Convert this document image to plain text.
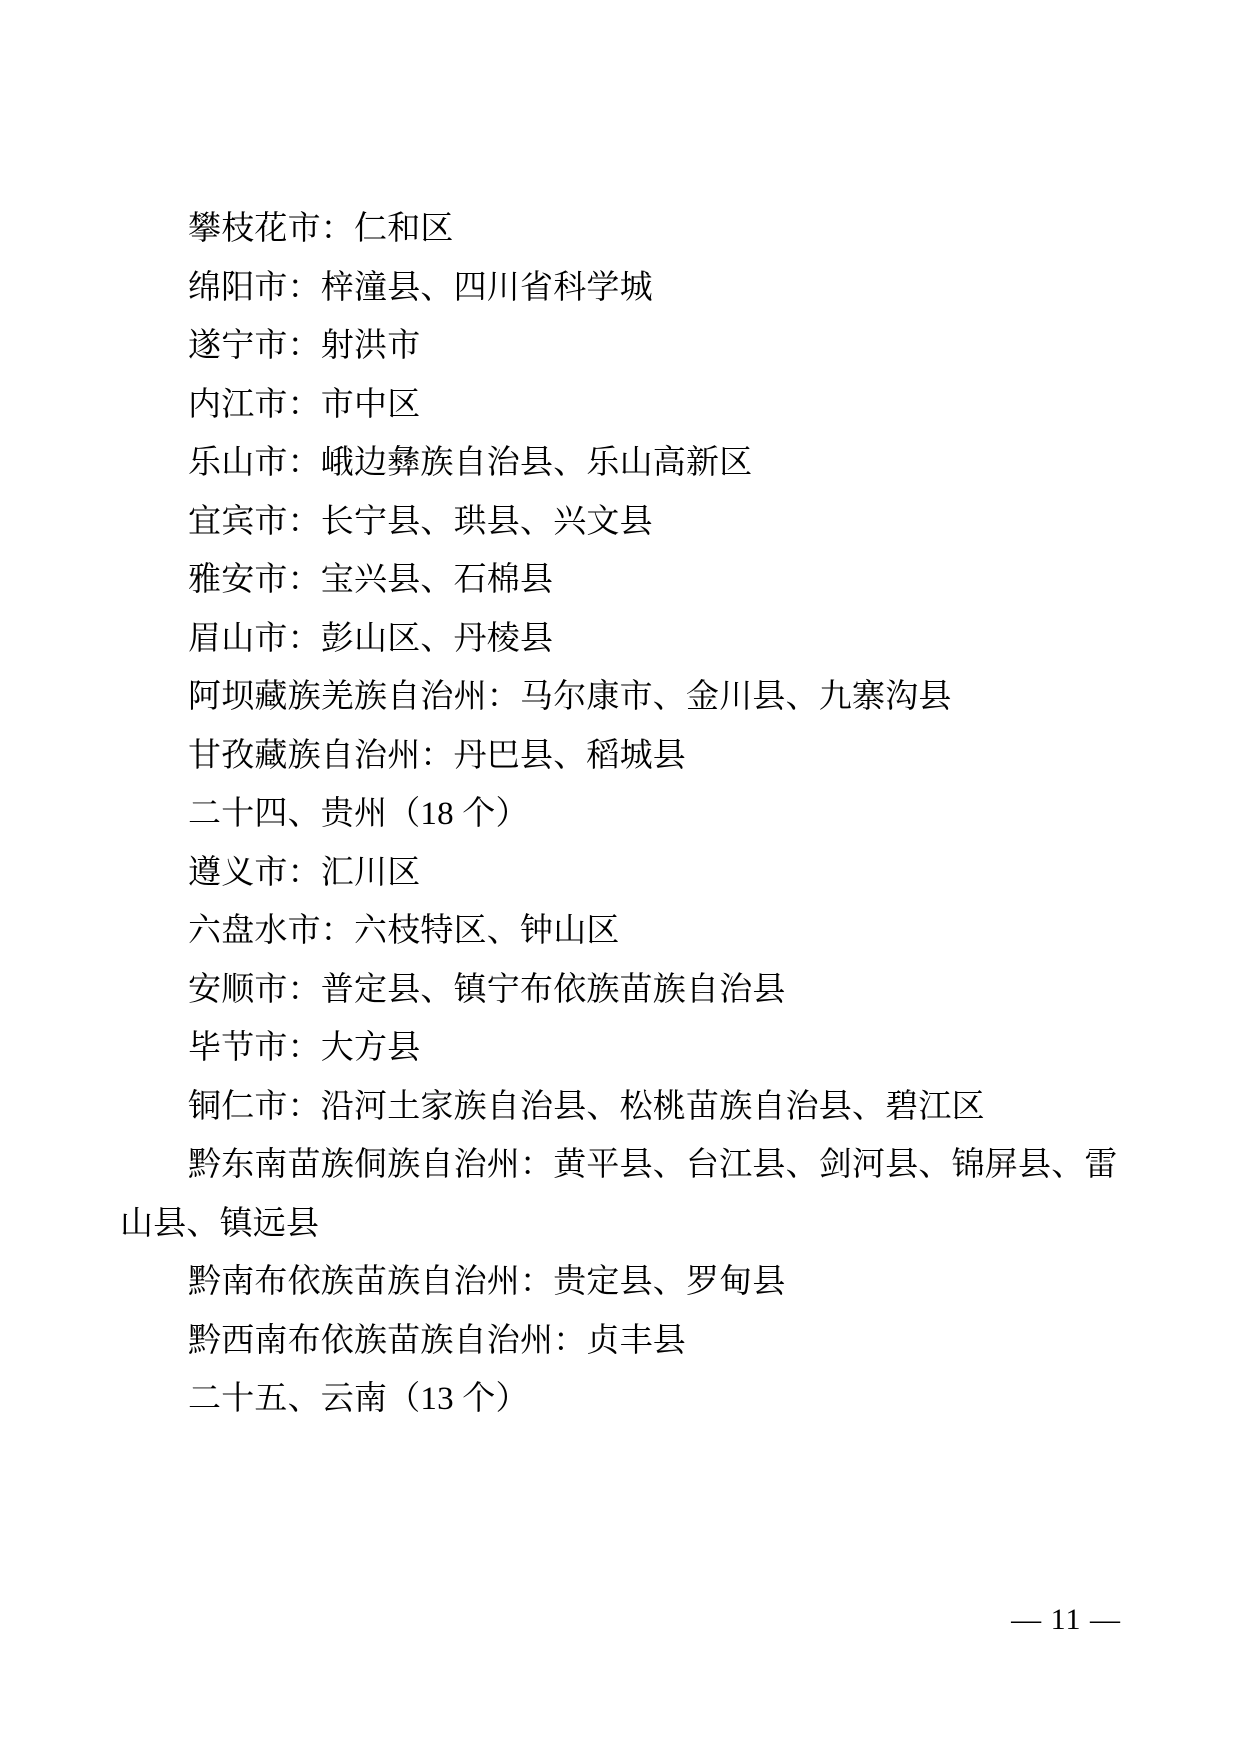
攀枝花市：仁和区

绵阳市：梓潼县、四川省科学城

遂宁市：射洪市

内江市：市中区

乐山市：峨边彝族自治县、乐山高新区

宜宾市：长宁县、珙县、兴文县

雅安市：宝兴县、石棉县

眉山市：彭山区、丹棱县

阿坝藏族羌族自治州：马尔康市、金川县、九寨沟县

甘孜藏族自治州：丹巴县、稻城县

二十四、贵州（18 个）

遵义市：汇川区

六盘水市：六枝特区、钟山区

安顺市：普定县、镇宁布依族苗族自治县

毕节市：大方县

铜仁市：沿河土家族自治县、松桃苗族自治县、碧江区

黔东南苗族侗族自治州：黄平县、台江县、剑河县、锦屏县、雷山县、镇远县

黔南布依族苗族自治州：贵定县、罗甸县

黔西南布依族苗族自治州：贞丰县

二十五、云南（13 个）

— 11 —
